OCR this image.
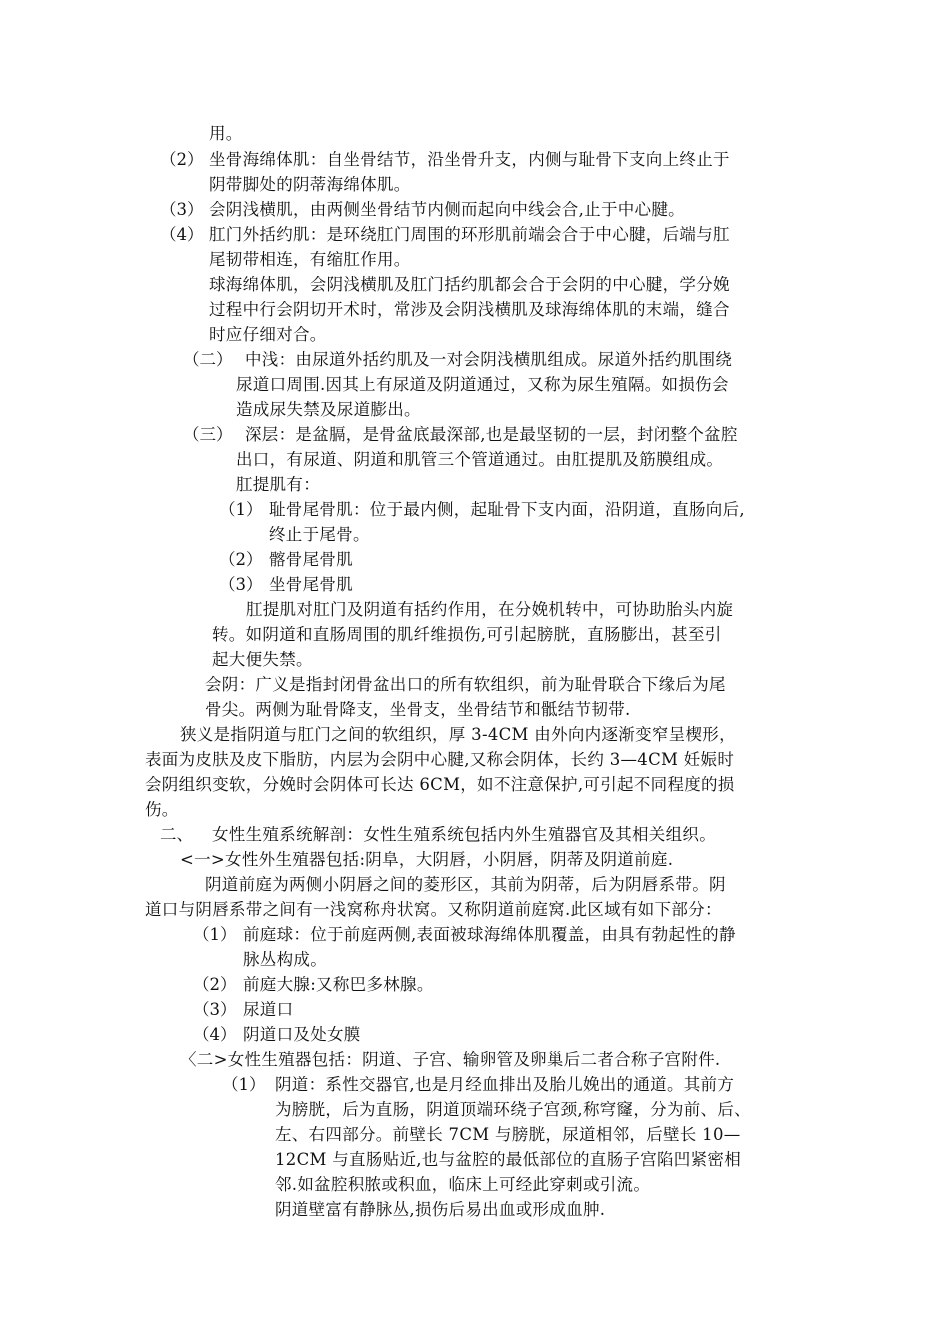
用。
（2） 坐骨海绵体肌：自坐骨结节，沿坐骨升支，内侧与耻骨下支向上终止于
阴带脚处的阴蒂海绵体肌。
（3） 会阴浅横肌，由两侧坐骨结节内侧而起向中线会合,止于中心腱。
（4） 肛门外括约肌：是环绕肛门周围的环形肌前端会合于中心腱，后端与肛
尾韧带相连，有缩肛作用。
球海绵体肌，会阴浅横肌及肛门括约肌都会合于会阴的中心腱，学分娩
过程中行会阴切开术时，常涉及会阴浅横肌及球海绵体肌的末端，缝合
时应仔细对合。
（二） 中浅：由尿道外括约肌及一对会阴浅横肌组成。尿道外括约肌围绕
尿道口周围.因其上有尿道及阴道通过，又称为尿生殖隔。如损伤会
造成尿失禁及尿道膨出。
（三） 深层：是盆膈，是骨盆底最深部,也是最坚韧的一层，封闭整个盆腔
出口，有尿道、阴道和肌管三个管道通过。由肛提肌及筋膜组成。
肛提肌有：
（1） 耻骨尾骨肌：位于最内侧，起耻骨下支内面，沿阴道，直肠向后,
终止于尾骨。
（2） 髂骨尾骨肌
（3） 坐骨尾骨肌
肛提肌对肛门及阴道有括约作用，在分娩机转中，可协助胎头内旋
转。如阴道和直肠周围的肌纤维损伤,可引起膀胱，直肠膨出，甚至引
起大便失禁。
会阴：广义是指封闭骨盆出口的所有软组织，前为耻骨联合下缘后为尾
骨尖。两侧为耻骨降支，坐骨支，坐骨结节和骶结节韧带.
狭义是指阴道与肛门之间的软组织，厚 3-4CM 由外向内逐渐变窄呈楔形，
表面为皮肤及皮下脂肪，内层为会阴中心腱,又称会阴体，长约 3—4CM 妊娠时
会阴组织变软，分娩时会阴体可长达 6CM，如不注意保护,可引起不同程度的损
伤。
二、 女性生殖系统解剖：女性生殖系统包括内外生殖器官及其相关组织。
<一>女性外生殖器包括:阴阜，大阴唇，小阴唇，阴蒂及阴道前庭.
阴道前庭为两侧小阴唇之间的菱形区，其前为阴蒂，后为阴唇系带。阴
道口与阴唇系带之间有一浅窝称舟状窝。又称阴道前庭窝.此区域有如下部分：
（1） 前庭球：位于前庭两侧,表面被球海绵体肌覆盖，由具有勃起性的静
脉丛构成。
（2） 前庭大腺:又称巴多林腺。
（3） 尿道口
（4） 阴道口及处女膜
〈二>女性生殖器包括：阴道、子宫、输卵管及卵巢后二者合称子宫附件.
（1） 阴道：系性交器官,也是月经血排出及胎儿娩出的通道。其前方
为膀胱，后为直肠，阴道顶端环绕子宫颈,称穹窿，分为前、后、
左、右四部分。前壁长 7CM 与膀胱，尿道相邻，后壁长 10—
12CM 与直肠贴近,也与盆腔的最低部位的直肠子宫陷凹紧密相
邻.如盆腔积脓或积血，临床上可经此穿刺或引流。
阴道壁富有静脉丛,损伤后易出血或形成血肿.
